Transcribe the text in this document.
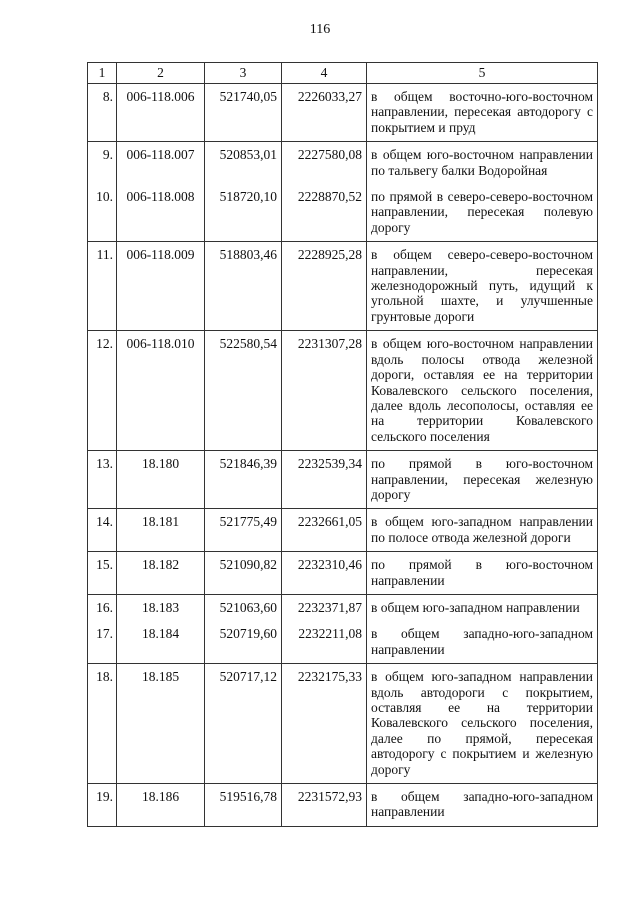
116
1	2	3	4	5
8.	006-118.006	521740,05	2226033,27	в общем восточно-юго-восточном направлении, пересекая автодорогу с покрытием и пруд
9.	006-118.007	520853,01	2227580,08	в общем юго-восточном направлении по тальвегу балки Водоройная
10.	006-118.008	518720,10	2228870,52	по прямой в северо-северо-восточном направлении, пересекая полевую дорогу
11.	006-118.009	518803,46	2228925,28	в общем северо-северо-восточном направлении, пересекая железнодорожный путь, идущий к угольной шахте, и улучшенные грунтовые дороги
12.	006-118.010	522580,54	2231307,28	в общем юго-восточном направлении вдоль полосы отвода железной дороги, оставляя ее на территории Ковалевского сельского поселения, далее вдоль лесополосы, оставляя ее на территории Ковалевского сельского поселения
13.	18.180	521846,39	2232539,34	по прямой в юго-восточном направлении, пересекая железную дорогу
14.	18.181	521775,49	2232661,05	в общем юго-западном направлении по полосе отвода железной дороги
15.	18.182	521090,82	2232310,46	по прямой в юго-восточном направлении
16.	18.183	521063,60	2232371,87	в общем юго-западном направлении
17.	18.184	520719,60	2232211,08	в общем западно-юго-западном направлении
18.	18.185	520717,12	2232175,33	в общем юго-западном направлении вдоль автодороги с покрытием, оставляя ее на территории Ковалевского сельского поселения, далее по прямой, пересекая автодорогу с покрытием и железную дорогу
19.	18.186	519516,78	2231572,93	в общем западно-юго-западном направлении
